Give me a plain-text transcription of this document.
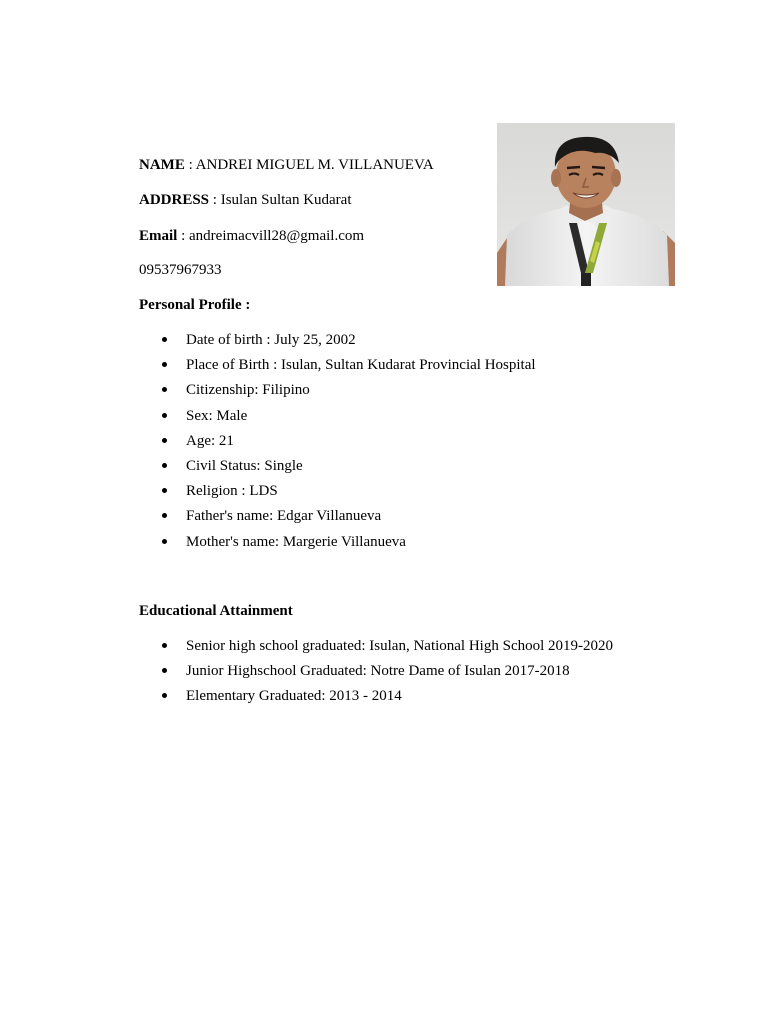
NAME : ANDREI MIGUEL M. VILLANUEVA
ADDRESS : Isulan Sultan Kudarat
Email : andreimacvill28@gmail.com
09537967933
Personal Profile :
Date of birth : July 25, 2002
Place of Birth : Isulan, Sultan Kudarat Provincial Hospital
Citizenship: Filipino
Sex: Male
Age: 21
Civil Status: Single
Religion : LDS
Father's name: Edgar Villanueva
Mother's name: Margerie Villanueva
Educational Attainment
Senior high school graduated: Isulan, National High School 2019-2020
Junior Highschool Graduated: Notre Dame of Isulan 2017-2018
Elementary Graduated: 2013 - 2014
